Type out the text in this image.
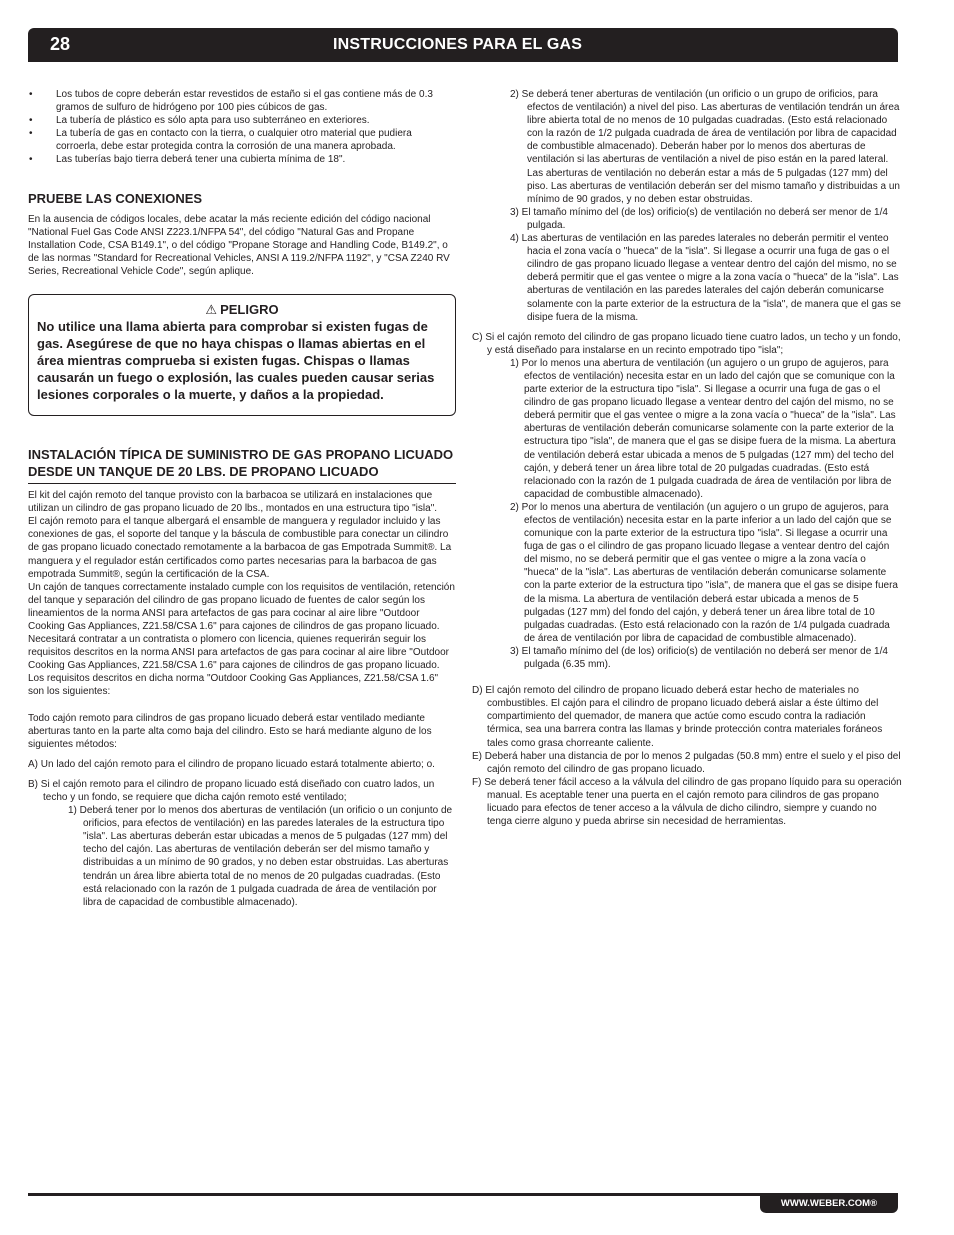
28	INSTRUCCIONES PARA EL GAS
• Los tubos de copre deberán estar revestidos de estaño si el gas contiene más de 0.3 gramos de sulfuro de hidrógeno por 100 pies cúbicos de gas.
• La tubería de plástico es sólo apta para uso subterráneo en exteriores.
• La tubería de gas en contacto con la tierra, o cualquier otro material que pudiera corroerla, debe estar protegida contra la corrosión de una manera aprobada.
• Las tuberías bajo tierra deberá tener una cubierta mínima de 18".
PRUEBE LAS CONEXIONES

En la ausencia de códigos locales, debe acatar la más reciente edición del código nacional "National Fuel Gas Code ANSI Z223.1/NFPA 54", del código "Natural Gas and Propane Installation Code, CSA B149.1", o del código "Propane Storage and Handling Code, B149.2", o de las normas "Standard for Recreational Vehicles, ANSI A 119.2/NFPA 1192", y "CSA Z240 RV Series, Recreational Vehicle Code", según aplique.

⚠ PELIGRO
No utilice una llama abierta para comprobar si existen fugas de gas. Asegúrese de que no haya chispas o llamas abiertas en el área mientras comprueba si existen fugas. Chispas o llamas causarán un fuego o explosión, las cuales pueden causar serias lesiones corporales o la muerte, y daños a la propiedad.
INSTALACIÓN TÍPICA DE SUMINISTRO DE GAS PROPANO LICUADO DESDE UN TANQUE DE 20 LBS. DE PROPANO LICUADO

El kit del cajón remoto del tanque provisto con la barbacoa se utilizará en instalaciones que utilizan un cilindro de gas propano licuado de 20 lbs., montados en una estructura tipo "isla".

El cajón remoto para el tanque albergará el ensamble de manguera y regulador incluido y las conexiones de gas, el soporte del tanque y la báscula de combustible para conectar un cilindro de gas propano licuado conectado remotamente a la barbacoa de gas Empotrada Summit®. La manguera y el regulador están certificados como partes necesarias para la barbacoa de gas empotrada Summit®, según la certificación de la CSA.

Un cajón de tanques correctamente instalado cumple con los requisitos de ventilación, retención del tanque y separación del cilindro de gas propano licuado de fuentes de calor según los lineamientos de la norma ANSI para artefactos de gas para cocinar al aire libre "Outdoor Cooking Gas Appliances, Z21.58/CSA 1.6" para cajones de cilindros de gas propano licuado.

Necesitará contratar a un contratista o plomero con licencia, quienes requerirán seguir los requisitos descritos en la norma ANSI para artefactos de gas para cocinar al aire libre "Outdoor Cooking Gas Appliances, Z21.58/CSA 1.6" para cajones de cilindros de gas propano licuado.

Los requisitos descritos en dicha norma "Outdoor Cooking Gas Appliances, Z21.58/CSA 1.6" son los siguientes:

Todo cajón remoto para cilindros de gas propano licuado deberá estar ventilado mediante aberturas tanto en la parte alta como baja del cilindro. Esto se hará mediante alguno de los siguientes métodos:

A) Un lado del cajón remoto para el cilindro de propano licuado estará totalmente abierto; o.

B) Si el cajón remoto para el cilindro de propano licuado está diseñado con cuatro lados, un techo y un fondo, se requiere que dicha cajón remoto esté ventilado;

1) Deberá tener por lo menos dos aberturas de ventilación (un orificio o un conjunto de orificios, para efectos de ventilación) en las paredes laterales de la estructura tipo "isla". Las aberturas deberán estar ubicadas a menos de 5 pulgadas (127 mm) del techo del cajón. Las aberturas de ventilación deberán ser del mismo tamaño y distribuidas a un mínimo de 90 grados, y no deben estar obstruidas. Las aberturas tendrán un área libre abierta total de no menos de 20 pulgadas cuadradas. (Esto está relacionado con la razón de 1 pulgada cuadrada de área de ventilación por libra de capacidad de combustible almacenado).

2) Se deberá tener aberturas de ventilación (un orificio o un grupo de orificios, para efectos de ventilación) a nivel del piso. Las aberturas de ventilación tendrán un área libre abierta total de no menos de 10 pulgadas cuadradas. (Esto está relacionado con la razón de 1/2 pulgada cuadrada de área de ventilación por libra de capacidad de combustible almacenado). Deberán haber por lo menos dos aberturas de ventilación si las aberturas de ventilación a nivel de piso están en la pared lateral. Las aberturas de ventilación no deberán estar a más de 5 pulgadas (127 mm) del piso. Las aberturas de ventilación deberán ser del mismo tamaño y distribuidas a un mínimo de 90 grados, y no deben estar obstruidas.

3) El tamaño mínimo del (de los) orificio(s) de ventilación no deberá ser menor de 1/4 pulgada.

4) Las aberturas de ventilación en las paredes laterales no deberán permitir el venteo hacia el zona vacía o "hueca" de la "isla". Si llegase a ocurrir una fuga de gas o el cilindro de gas propano licuado llegase a ventear dentro del cajón del mismo, no se deberá permitir que el gas ventee o migre a la zona vacía o "hueca" de la "isla". Las aberturas de ventilación en las paredes laterales del cajón deberán comunicarse solamente con la parte exterior de la estructura de la "isla", de manera que el gas se disipe fuera de la misma.

C) Si el cajón remoto del cilindro de gas propano licuado tiene cuatro lados, un techo y un fondo, y está diseñado para instalarse en un recinto empotrado tipo "isla";

1) Por lo menos una abertura de ventilación (un agujero o un grupo de agujeros, para efectos de ventilación) necesita estar en un lado del cajón que se comunique con la parte exterior de la estructura tipo "isla". Si llegase a ocurrir una fuga de gas o el cilindro de gas propano licuado llegase a ventear dentro del cajón del mismo, no se deberá permitir que el gas ventee o migre a la zona vacía o "hueca" de la "isla". Las aberturas de ventilación deberán comunicarse solamente con la parte exterior de la estructura tipo "isla", de manera que el gas se disipe fuera de la misma. La abertura de ventilación deberá estar ubicada a menos de 5 pulgadas (127 mm) del techo del cajón, y deberá tener un área libre total de 20 pulgadas cuadradas. (Esto está relacionado con la razón de 1 pulgada cuadrada de área de ventilación por libra de capacidad de combustible almacenado).

2) Por lo menos una abertura de ventilación (un agujero o un grupo de agujeros, para efectos de ventilación) necesita estar en la parte inferior a un lado del cajón que se comunique con la parte exterior de la estructura tipo "isla". Si llegase a ocurrir una fuga de gas o el cilindro de gas propano licuado llegase a ventear dentro del cajón del mismo, no se deberá permitir que el gas ventee o migre a la zona vacía o "hueca" de la "isla". Las aberturas de ventilación deberán comunicarse solamente con la parte exterior de la estructura tipo "isla", de manera que el gas se disipe fuera de la misma. La abertura de ventilación deberá estar ubicada a menos de 5 pulgadas (127 mm) del fondo del cajón, y deberá tener un área libre total de 10 pulgadas cuadradas. (Esto está relacionado con la razón de 1/4 pulgada cuadrada de área de ventilación por libra de capacidad de combustible almacenado).

3) El tamaño mínimo del (de los) orificio(s) de ventilación no deberá ser menor de 1/4 pulgada (6.35 mm).

D) El cajón remoto del cilindro de propano licuado deberá estar hecho de materiales no combustibles. El cajón para el cilindro de propano licuado deberá aislar a éste último del compartimiento del quemador, de manera que actúe como escudo contra la radiación térmica, sea una barrera contra las llamas y brinde protección contra materiales foráneos tales como grasa chorreante caliente.

E) Deberá haber una distancia de por lo menos 2 pulgadas (50.8 mm) entre el suelo y el piso del cajón remoto del cilindro de gas propano licuado.

F) Se deberá tener fácil acceso a la válvula del cilindro de gas propano líquido para su operación manual. Es aceptable tener una puerta en el cajón remoto para cilindros de gas propano licuado para efectos de tener acceso a la válvula de dicho cilindro, siempre y cuando no tenga cierre alguno y pueda abrirse sin necesidad de herramientas.

WWW.WEBER.COM®
